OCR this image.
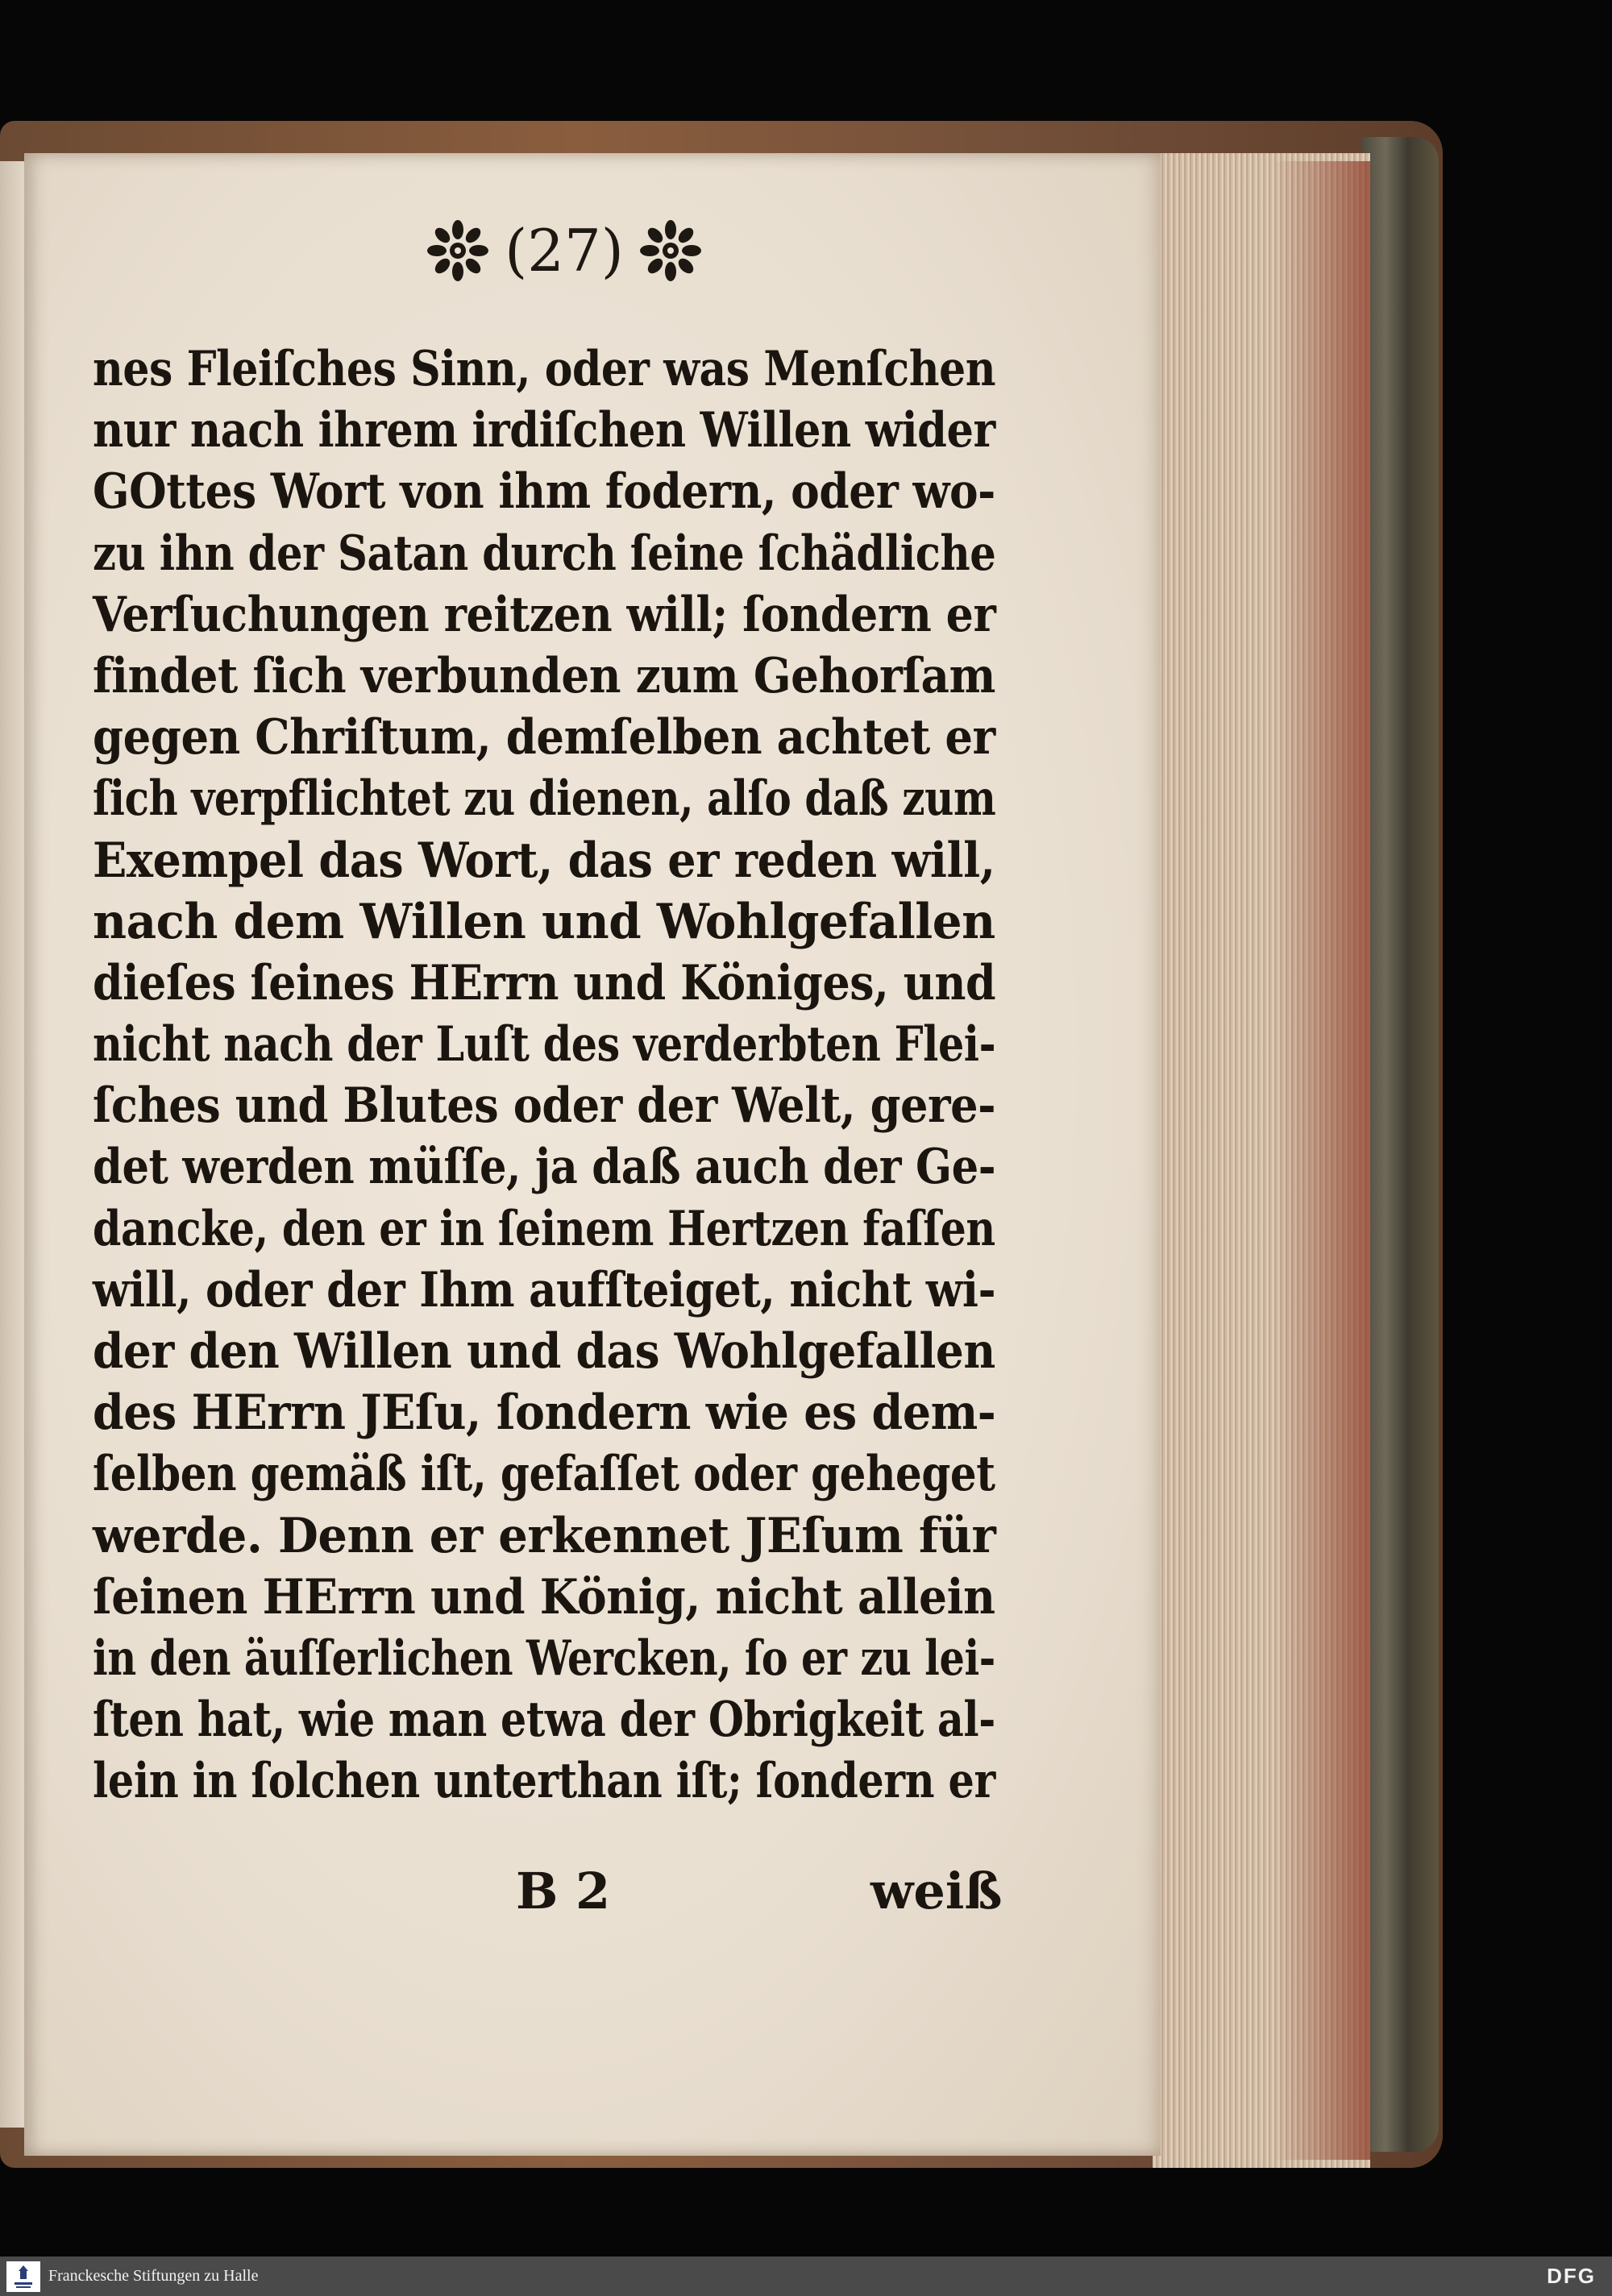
(27)
nes Fleiſches Sinn, oder was Menſchen
nur nach ihrem irdiſchen Willen wider
GOttes Wort von ihm fodern, oder wo-
zu ihn der Satan durch ſeine ſchädliche
Verſuchungen reitzen will; ſondern er
findet ſich verbunden zum Gehorſam
gegen Chriſtum, demſelben achtet er
ſich verpflichtet zu dienen, alſo daß zum
Exempel das Wort, das er reden will,
nach dem Willen und Wohlgefallen
dieſes ſeines HErrn und Königes, und
nicht nach der Luſt des verderbten Flei-
ſches und Blutes oder der Welt, gere-
det werden müſſe, ja daß auch der Ge-
dancke, den er in ſeinem Hertzen faſſen
will, oder der Ihm aufſteiget, nicht wi-
der den Willen und das Wohlgefallen
des HErrn JEſu, ſondern wie es dem-
ſelben gemäß iſt, gefaſſet oder geheget
werde. Denn er erkennet JEſum für
ſeinen HErrn und König, nicht allein
in den äuſſerlichen Wercken, ſo er zu lei-
ſten hat, wie man etwa der Obrigkeit al-
lein in ſolchen unterthan iſt; ſondern er
B 2	weiß
Franckesche Stiftungen zu Halle	DFG
